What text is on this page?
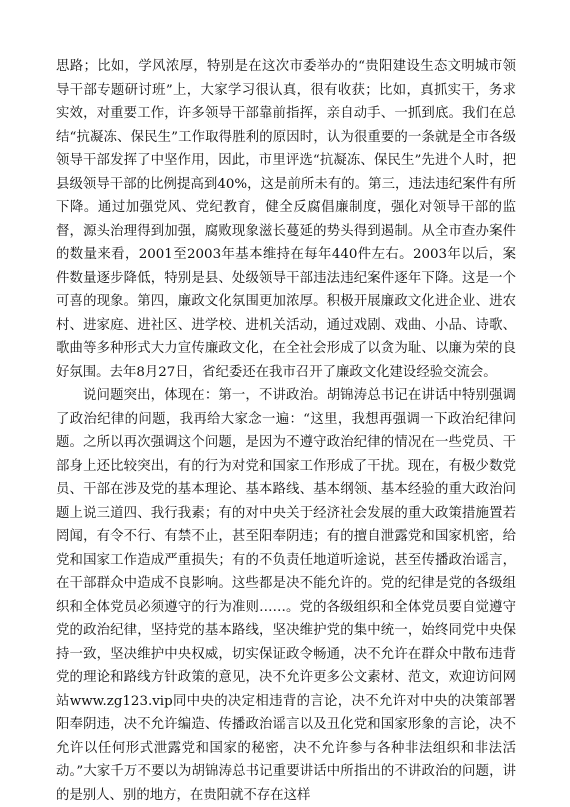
思路；比如，学风浓厚，特别是在这次市委举办的“贵阳建设生态文明城市领导干部专题研讨班”上，大家学习很认真，很有收获；比如，真抓实干，务求实效，对重要工作，许多领导干部靠前指挥，亲自动手、一抓到底。我们在总结“抗凝冻、保民生”工作取得胜利的原因时，认为很重要的一条就是全市各级领导干部发挥了中坚作用，因此，市里评选“抗凝冻、保民生”先进个人时，把县级领导干部的比例提高到40%，这是前所未有的。第三，违法违纪案件有所下降。通过加强党风、党纪教育，健全反腐倡廉制度，强化对领导干部的监督，源头治理得到加强，腐败现象滋长蔓延的势头得到遏制。从全市查办案件的数量来看，2001至2003年基本维持在每年440件左右。2003年以后，案件数量逐步降低，特别是县、处级领导干部违法违纪案件逐年下降。这是一个可喜的现象。第四，廉政文化氛围更加浓厚。积极开展廉政文化进企业、进农村、进家庭、进社区、进学校、进机关活动，通过戏剧、戏曲、小品、诗歌、歌曲等多种形式大力宣传廉政文化，在全社会形成了以贪为耻、以廉为荣的良好氛围。去年8月27日，省纪委还在我市召开了廉政文化建设经验交流会。

说问题突出，体现在：第一，不讲政治。胡锦涛总书记在讲话中特别强调了政治纪律的问题，我再给大家念一遍：“这里，我想再强调一下政治纪律问题。之所以再次强调这个问题，是因为不遵守政治纪律的情况在一些党员、干部身上还比较突出，有的行为对党和国家工作形成了干扰。现在，有极少数党员、干部在涉及党的基本理论、基本路线、基本纲领、基本经验的重大政治问题上说三道四、我行我素；有的对中央关于经济社会发展的重大政策措施置若罔闻，有令不行、有禁不止，甚至阳奉阴违；有的擅自泄露党和国家机密，给党和国家工作造成严重损失；有的不负责任地道听途说，甚至传播政治谣言，在干部群众中造成不良影响。这些都是决不能允许的。党的纪律是党的各级组织和全体党员必须遵守的行为准则……。党的各级组织和全体党员要自觉遵守党的政治纪律，坚持党的基本路线，坚决维护党的集中统一，始终同党中央保持一致，坚决维护中央权威，切实保证政令畅通，决不允许在群众中散布违背党的理论和路线方针政策的意见，决不允许更多公文素材、范文，欢迎访问网站www.zg123.vip同中央的决定相违背的言论，决不允许对中央的决策部署阳奉阴违，决不允许编造、传播政治谣言以及丑化党和国家形象的言论，决不允许以任何形式泄露党和国家的秘密，决不允许参与各种非法组织和非法活动。”大家千万不要以为胡锦涛总书记重要讲话中所指出的不讲政治的问题，讲的是别人、别的地方，在贵阳就不存在这样
